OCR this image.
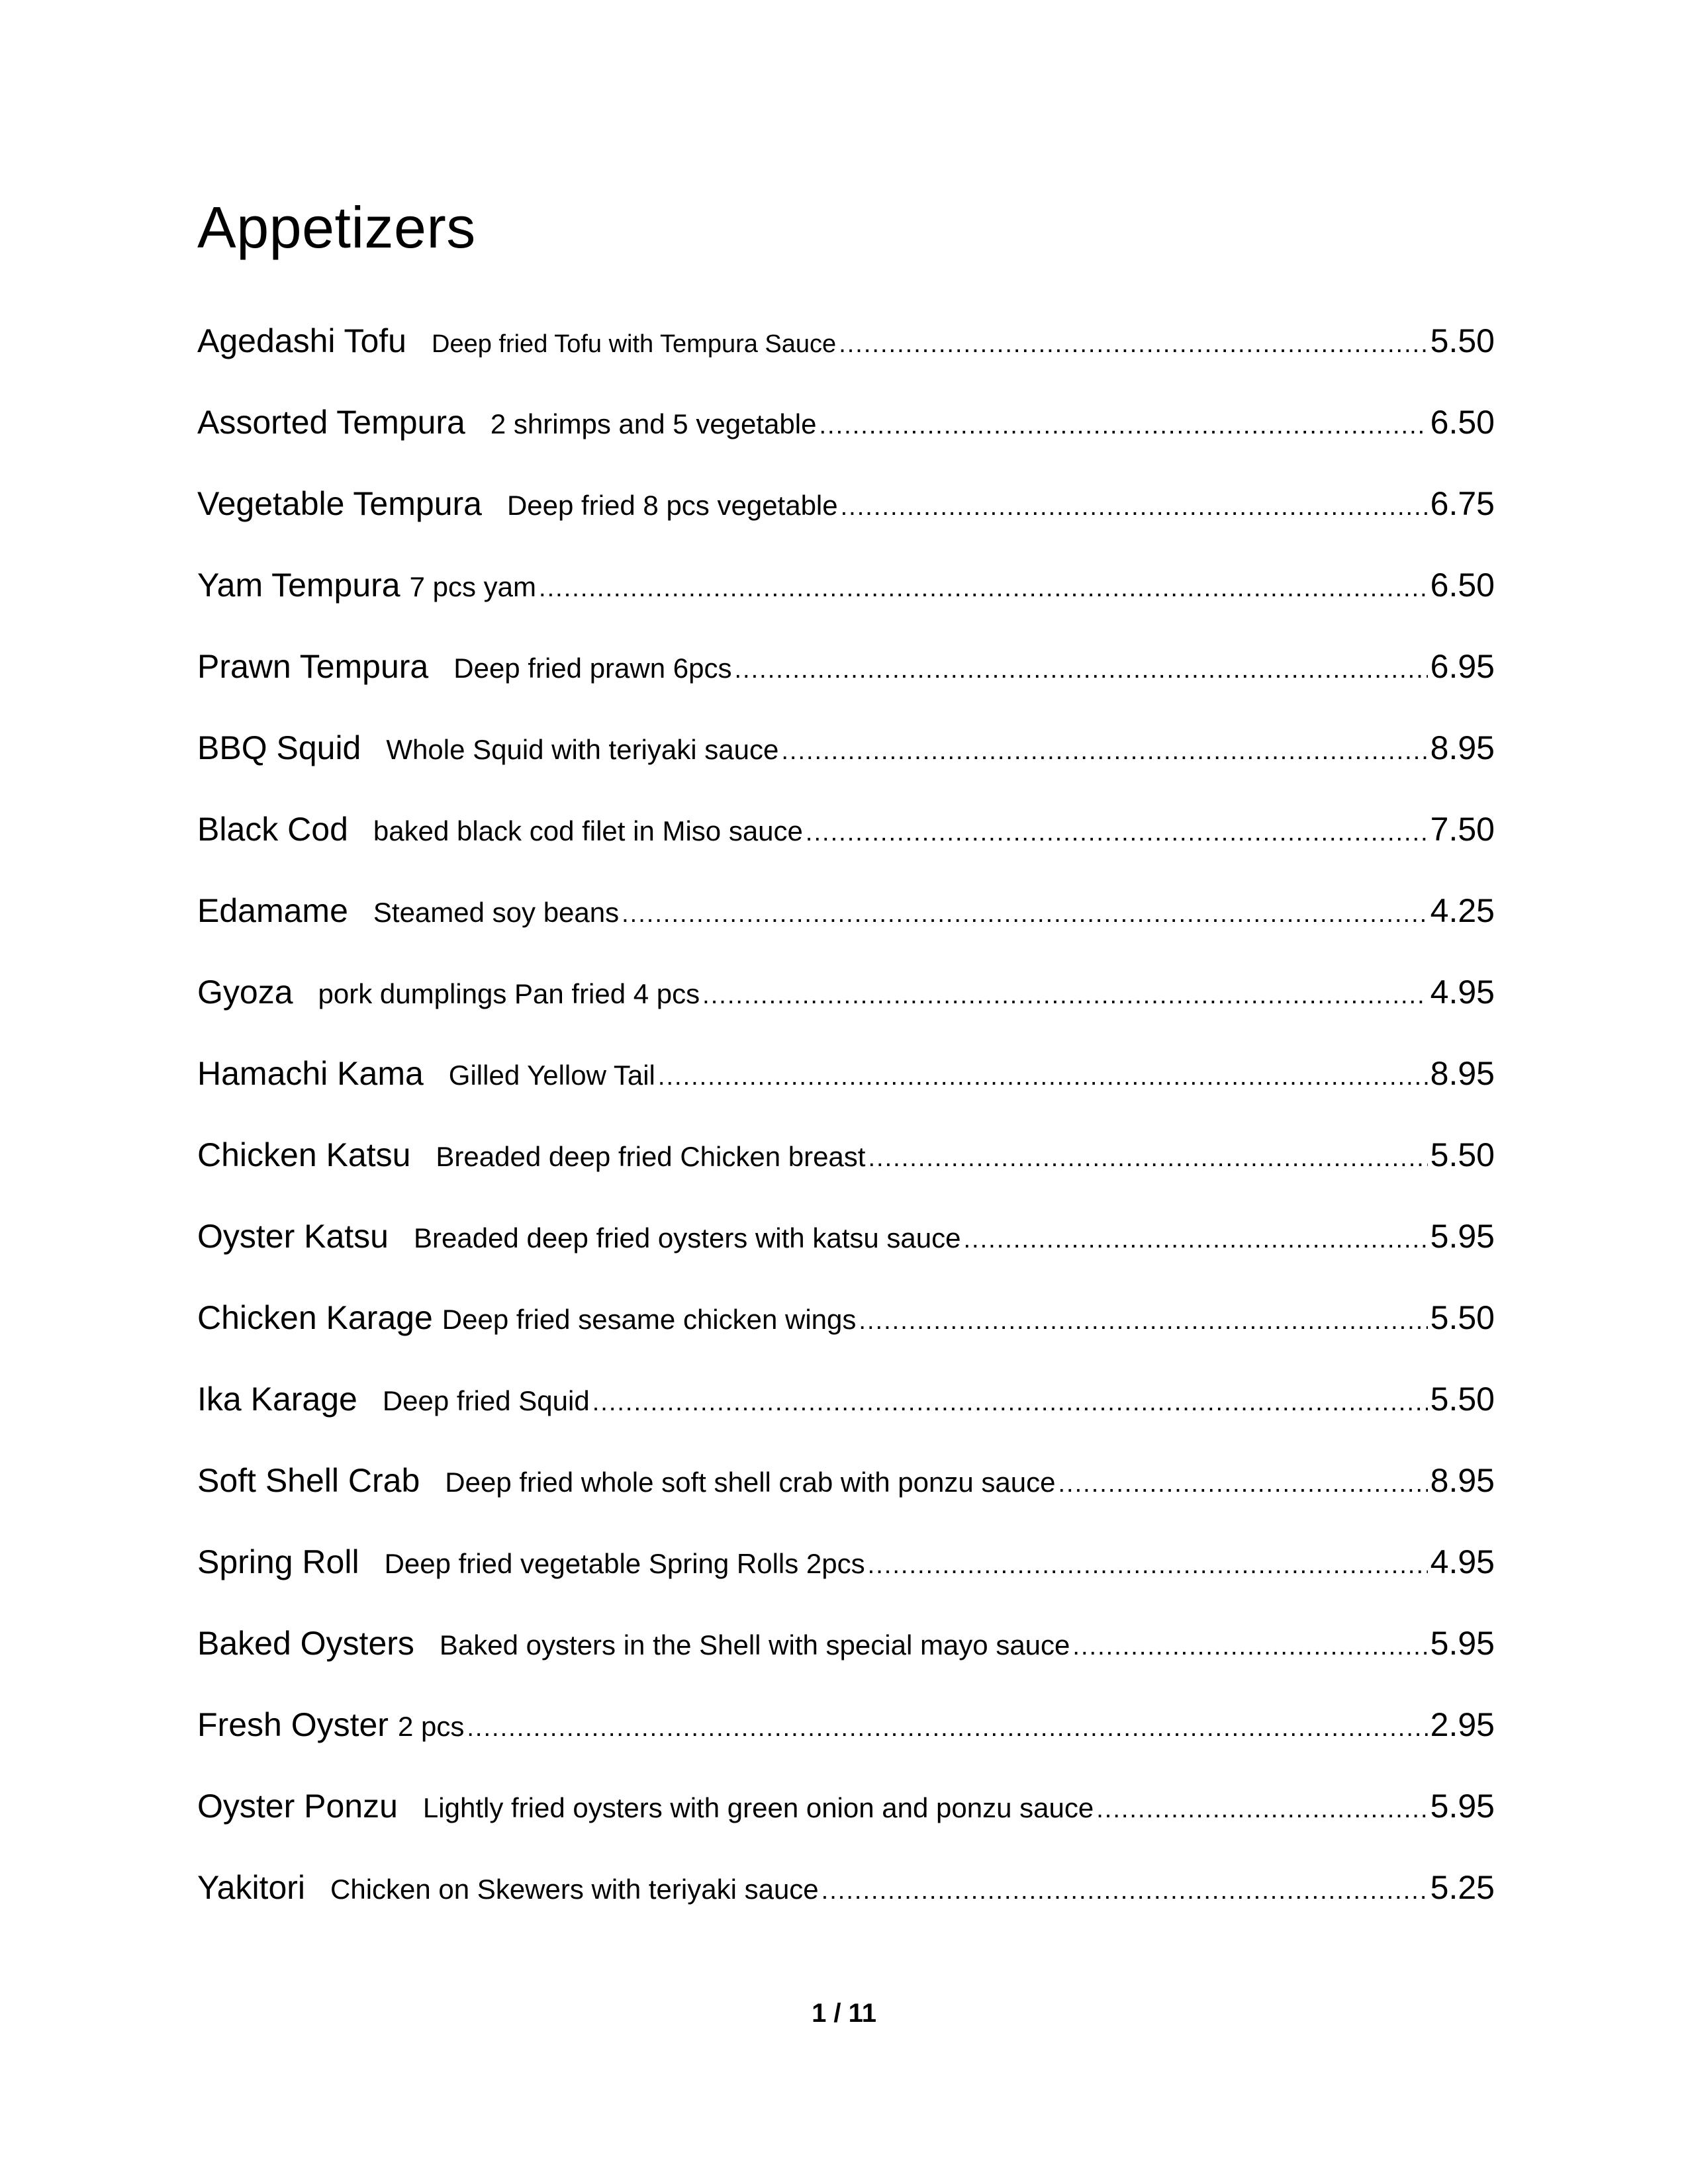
Appetizers
Agedashi Tofu Deep fried Tofu with Tempura Sauce .....	5.50
Assorted Tempura 2 shrimps and 5 vegetable .....	6.50
Vegetable Tempura Deep fried 8 pcs vegetable .....	6.75
Yam Tempura 7 pcs yam .....	6.50
Prawn Tempura Deep fried prawn 6pcs .....	6.95
BBQ Squid Whole Squid with teriyaki sauce .....	8.95
Black Cod baked black cod filet in Miso sauce .....	7.50
Edamame Steamed soy beans .....	4.25
Gyoza pork dumplings Pan fried 4 pcs .....	4.95
Hamachi Kama Gilled Yellow Tail .....	8.95
Chicken Katsu Breaded deep fried Chicken breast .....	5.50
Oyster Katsu Breaded deep fried oysters with katsu sauce .....	5.95
Chicken Karage Deep fried sesame chicken wings .....	5.50
Ika Karage Deep fried Squid .....	5.50
Soft Shell Crab Deep fried whole soft shell crab with ponzu sauce .....	8.95
Spring Roll Deep fried vegetable Spring Rolls 2pcs .....	4.95
Baked Oysters Baked oysters in the Shell with special mayo sauce .....	5.95
Fresh Oyster 2 pcs .....	2.95
Oyster Ponzu Lightly fried oysters with green onion and ponzu sauce .....	5.95
Yakitori Chicken on Skewers with teriyaki sauce .....	5.25
1 / 11
